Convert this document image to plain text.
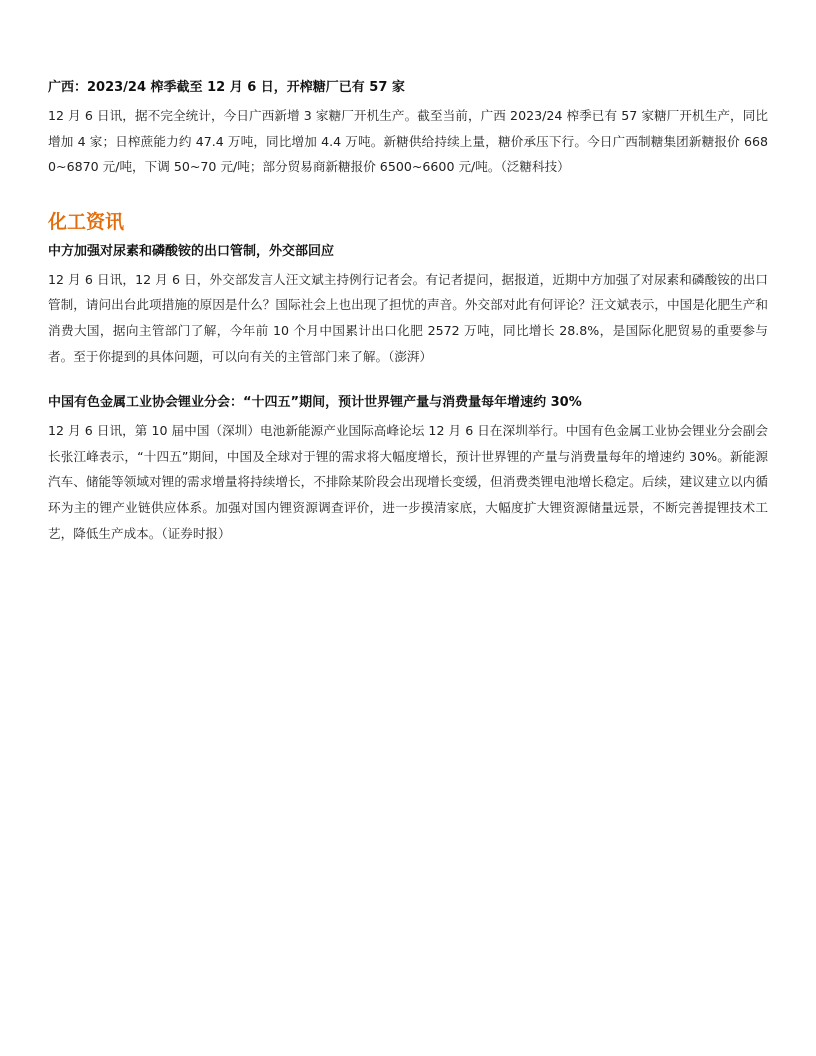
广西：2023/24 榨季截至 12 月 6 日，开榨糖厂已有 57 家

12 月 6 日讯，据不完全统计，今日广西新增 3 家糖厂开机生产。截至当前，广西 2023/24 榨季已有 57 家糖厂开机生产，同比增加 4 家；日榨蔗能力约 47.4 万吨，同比增加 4.4 万吨。新糖供给持续上量，糖价承压下行。今日广西制糖集团新糖报价 6680~6870 元/吨，下调 50~70 元/吨；部分贸易商新糖报价 6500~6600 元/吨。（泛糖科技）

化工资讯
中方加强对尿素和磷酸铵的出口管制，外交部回应

12 月 6 日讯，12 月 6 日，外交部发言人汪文斌主持例行记者会。有记者提问，据报道，近期中方加强了对尿素和磷酸铵的出口管制，请问出台此项措施的原因是什么？国际社会上也出现了担忧的声音。外交部对此有何评论？汪文斌表示，中国是化肥生产和消费大国，据向主管部门了解，今年前 10 个月中国累计出口化肥 2572 万吨，同比增长 28.8%，是国际化肥贸易的重要参与者。至于你提到的具体问题，可以向有关的主管部门来了解。（澎湃）

中国有色金属工业协会锂业分会：“十四五”期间，预计世界锂产量与消费量每年增速约 30%

12 月 6 日讯，第 10 届中国（深圳）电池新能源产业国际高峰论坛 12 月 6 日在深圳举行。中国有色金属工业协会锂业分会副会长张江峰表示，“十四五”期间，中国及全球对于锂的需求将大幅度增长，预计世界锂的产量与消费量每年的增速约 30%。新能源汽车、储能等领域对锂的需求增量将持续增长，不排除某阶段会出现增长变缓，但消费类锂电池增长稳定。后续，建议建立以内循环为主的锂产业链供应体系。加强对国内锂资源调查评价，进一步摸清家底，大幅度扩大锂资源储量远景，不断完善提锂技术工艺，降低生产成本。（证券时报）
